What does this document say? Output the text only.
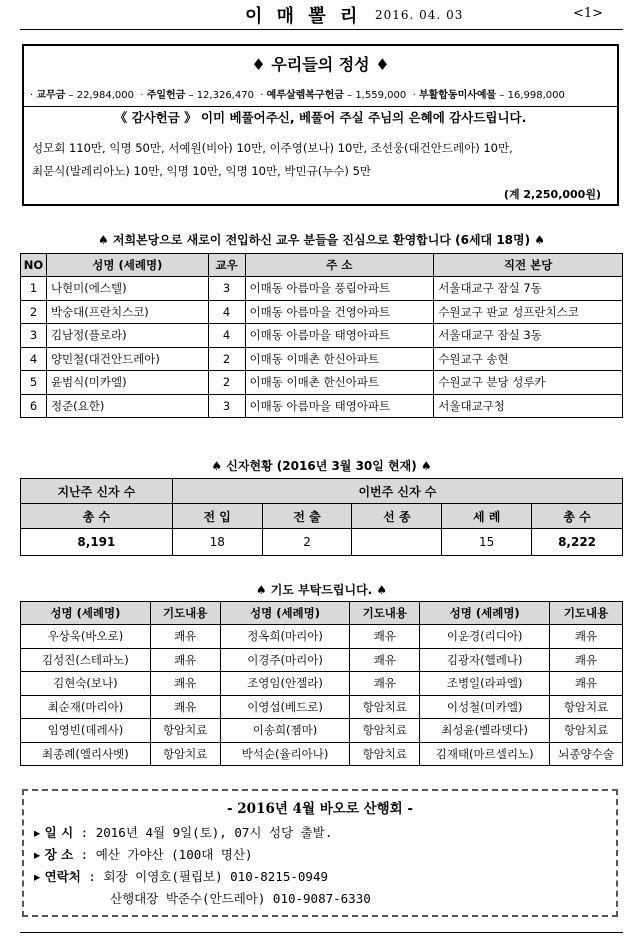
이 매 뽈 리 2016. 04. 03	<1>
♦ 우리들의 정성 ♦
· 교무금 – 22,984,000  · 주일헌금 – 12,326,470  · 예루살렘복구헌금 – 1,559,000  · 부활합동미사예물 – 16,998,000
《 감사헌금 》 이미 베풀어주신, 베풀어 주실 주님의 은혜에 감사드립니다.
성모회 110만, 익명 50만, 서예원(비아) 10만, 이주영(보나) 10만, 조선웅(대건안드레아) 10만,
최문식(발레리아노) 10만, 익명 10만, 익명 10만, 박민규(누수) 5만
(계 2,250,000원)
♠ 저희본당으로 새로이 전입하신 교우 분들을 진심으로 환영합니다 (6세대 18명) ♠
NO	성명 (세례명)	교우	주 소	직전 본당
1	나현미(에스텔)	3	이매동 아름마을 풍림아파트	서울대교구 잠실 7동
2	박숭대(프란치스코)	4	이매동 아름마을 건영아파트	수원교구 판교 성프란치스코
3	김남정(플로라)	4	이매동 아름마을 태영아파트	서울대교구 잠실 3동
4	양민철(대건안드레아)	2	이매동 이매촌 한신아파트	수원교구 송현
5	윤범식(미카엘)	2	이매동 이매촌 한신아파트	수원교구 분당 성루카
6	정준(요한)	3	이매동 아름마을 태영아파트	서울대교구청
♠ 신자현황 (2016년 3월 30일 현재) ♠
지난주 신자 수	이번주 신자 수				
총 수	전 입	전 출	선 종	세 례	총 수
8,191	18	2		15	8,222
♠ 기도 부탁드립니다. ♠
성명 (세례명)	기도내용	성명 (세례명)	기도내용	성명 (세례명)	기도내용
우상욱(바오로)	쾌유	정옥희(마리아)	쾌유	이운경(리디아)	쾌유
김성진(스테파노)	쾌유	이경주(마리아)	쾌유	김광자(헬레나)	쾌유
김현숙(보나)	쾌유	조영임(안젤라)	쾌유	조병일(라파엘)	쾌유
최순재(마리아)	쾌유	이영섭(베드로)	항암치료	이성철(미카엘)	항암치료
임영빈(데레사)	항암치료	이송희(젬마)	항암치료	최성윤(벨라뎃다)	항암치료
최종례(엘리사벳)	항암치료	박석순(율리아나)	항암치료	김재태(마르셀리노)	뇌종양수술
- 2016년 4월 바오로 산행회 -
▸ 일 시 : 2016년 4월 9일(토), 07시 성당 출발.
▸ 장 소 : 예산 가야산 (100대 명산)
▸ 연락처 : 회장 이영호(필립보) 010-8215-0949
산행대장 박준수(안드레아) 010-9087-6330
